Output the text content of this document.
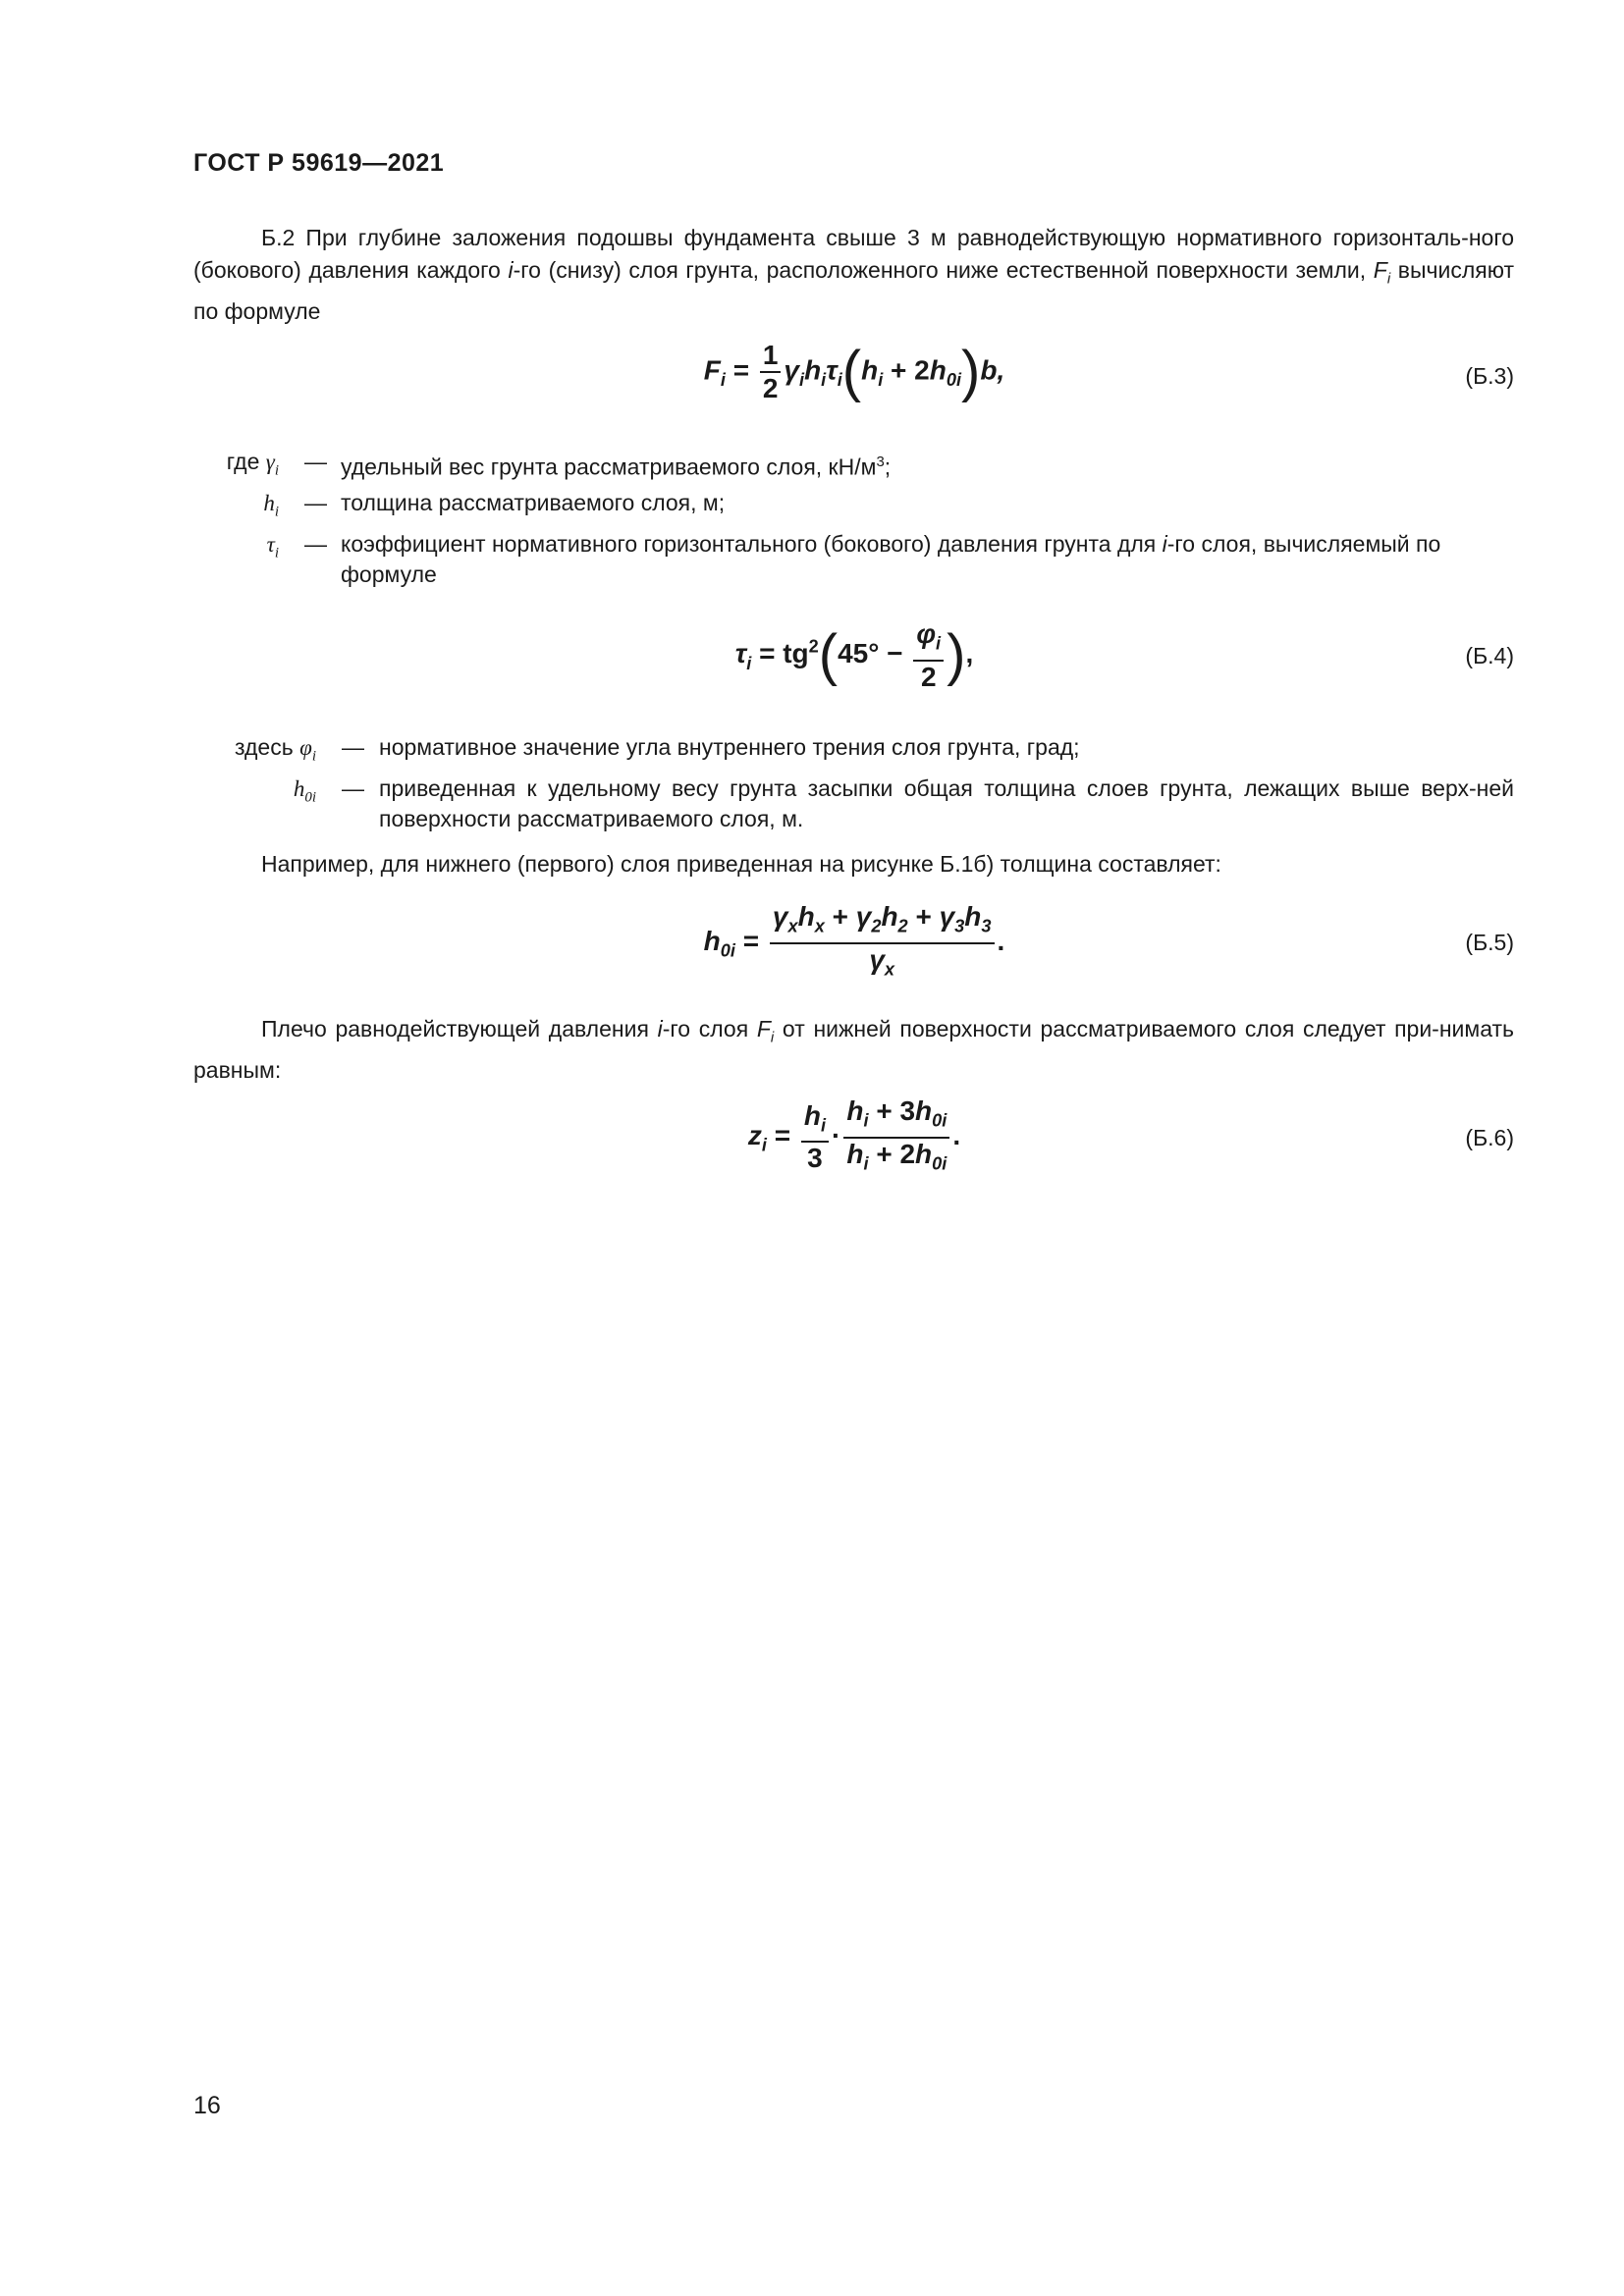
ГОСТ Р 59619—2021
Б.2 При глубине заложения подошвы фундамента свыше 3 м равнодействующую нормативного горизонталь-ного (бокового) давления каждого i-го (снизу) слоя грунта, расположенного ниже естественной поверхности земли, $F_i$ вычисляют по формуле
$F_i = \frac{1}{2} \gamma_ih_i\tau_i(h_i + 2h_{0i})b$,	(Б.3)
где $\gamma_i$ — удельный вес грунта рассматриваемого слоя, $кН/м^3$;
$h_i$ — толщина рассматриваемого слоя, м;
$\tau_i$ — коэффициент нормативного горизонтального (бокового) давления грунта для i-го слоя, вычисляемый по формуле
$\tau_i = tg^2(45^\circ - \frac{\varphi_i}{2}$ ),	(Б.4)
здесь $\varphi_i$ — нормативное значение угла внутреннего трения слоя грунта, град;
$h_{0i}$ — приведенная к удельному весу грунта засыпки общая толщина слоев грунта, лежащих выше верх-ней поверхности рассматриваемого слоя, м.
Например, для нижнего (первого) слоя приведенная на рисунке Б.1б) толщина составляет:
$h_{0i} = \frac{\gamma_xh_x + \gamma_2h_2 + \gamma_3h_3}{\gamma_x}$ .	(Б.5)
Плечо равнодействующей давления i-го слоя $F_i$ от нижней поверхности рассматриваемого слоя следует при-нимать равным:
$z_i = \frac{h_i}{3} \cdot \frac{h_i + 3h_{0i}}{h_i + 2h_{0i}}$ .	(Б.6)
16
